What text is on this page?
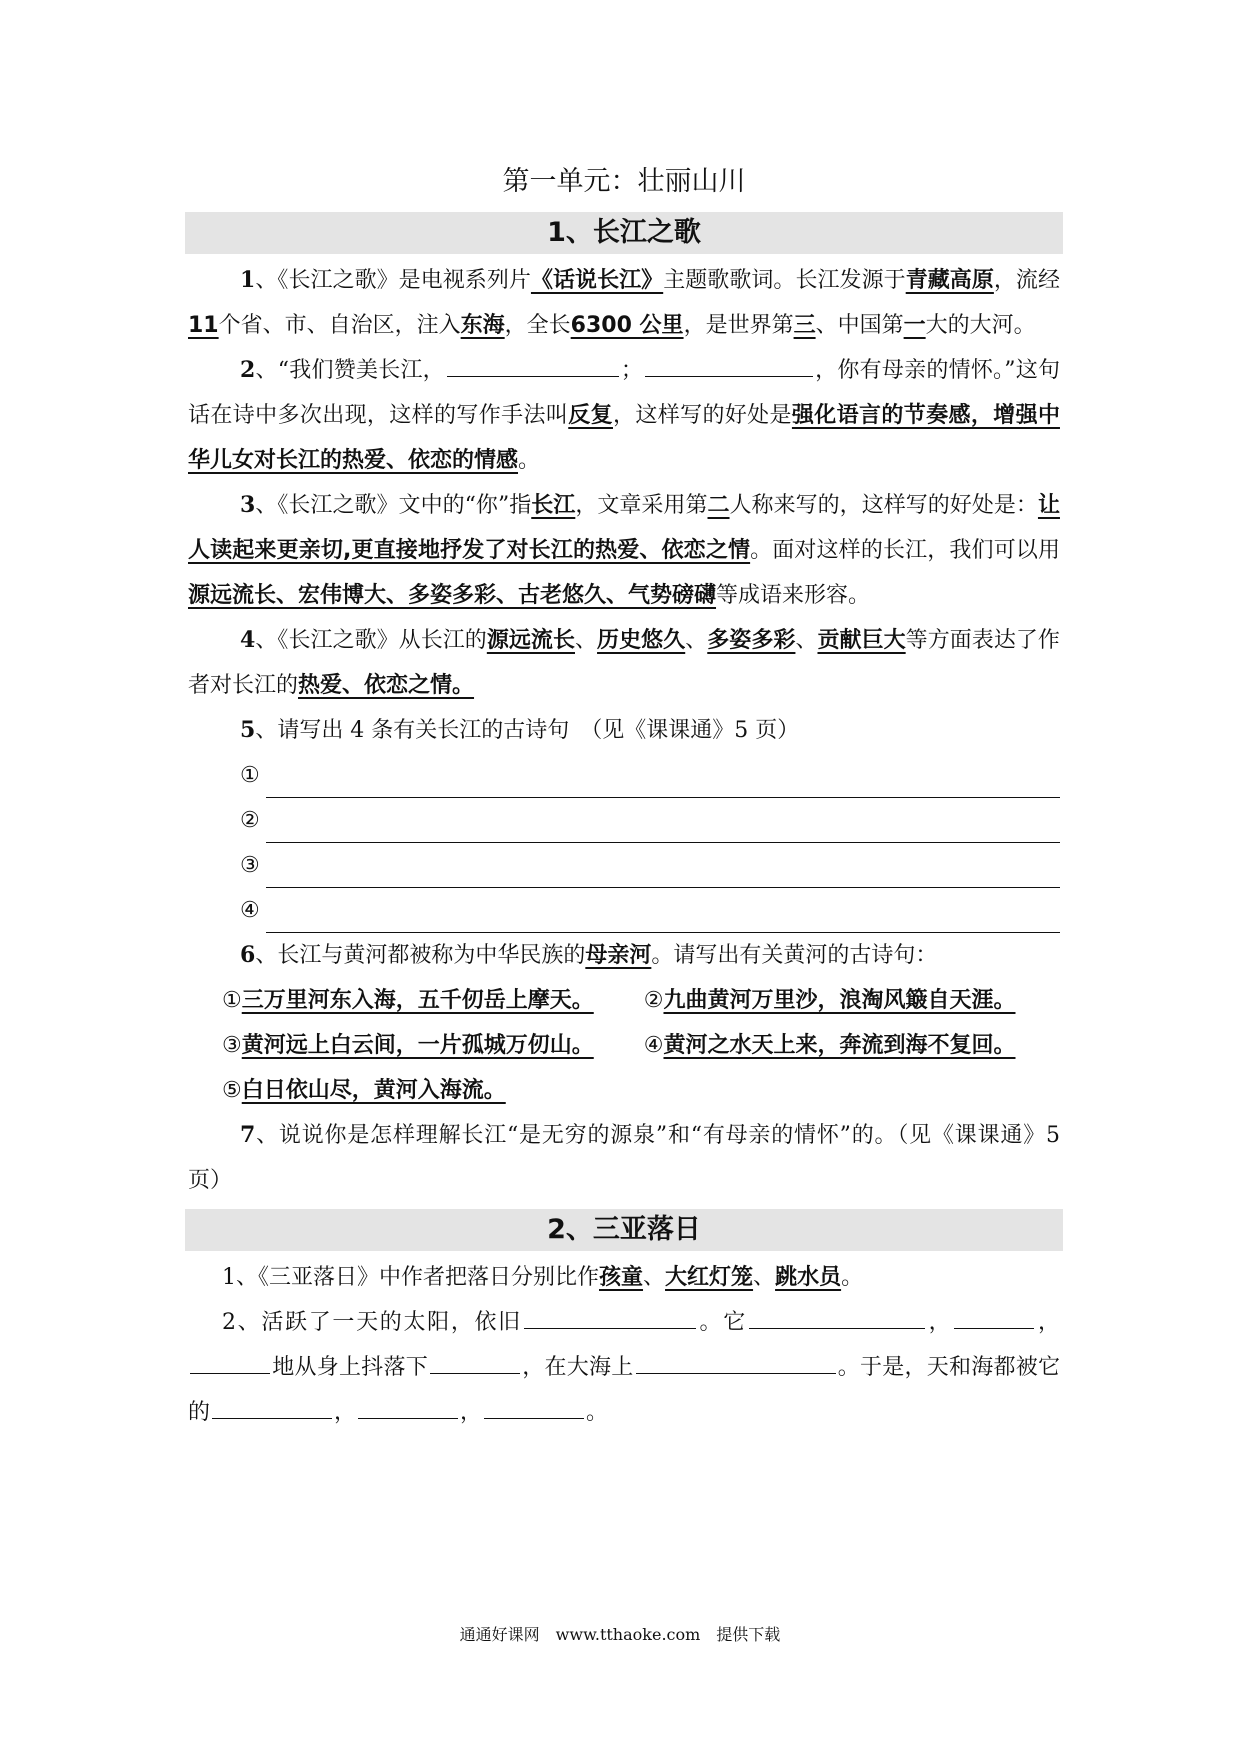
第一单元：壮丽山川
1、长江之歌

1、《长江之歌》是电视系列片《话说长江》主题歌歌词。长江发源于青藏高原，流经11个省、市、自治区，注入东海，全长6300 公里，是世界第三、中国第一大的大河。

2、“我们赞美长江，	；	，你有母亲的情怀。”这句话在诗中多次出现，这样的写作手法叫反复，这样写的好处是强化语言的节奏感，增强中华儿女对长江的热爱、依恋的情感。

3、《长江之歌》文中的“你”指长江，文章采用第二人称来写的，这样写的好处是：让人读起来更亲切,更直接地抒发了对长江的热爱、依恋之情。面对这样的长江，我们可以用源远流长、宏伟博大、多姿多彩、古老悠久、气势磅礴等成语来形容。

4、《长江之歌》从长江的源远流长、历史悠久、多姿多彩、贡献巨大等方面表达了作者对长江的热爱、依恋之情。

5、请写出 4 条有关长江的古诗句　（见《课课通》5 页）

①
②
③
④

6、长江与黄河都被称为中华民族的母亲河。请写出有关黄河的古诗句：

①三万里河东入海，五千仞岳上摩天。 ②九曲黄河万里沙，浪淘风簸自天涯。

③黄河远上白云间，一片孤城万仞山。 ④黄河之水天上来，奔流到海不复回。

⑤白日依山尽，黄河入海流。

7、说说你是怎样理解长江“是无穷的源泉”和“有母亲的情怀”的。（见《课课通》5 页）

2、三亚落日

1、《三亚落日》中作者把落日分别比作孩童、大红灯笼、跳水员。

2、活跃了一天的太阳，依旧	。它	，	，地从身上抖落下	，在大海上	。于是，天和海都被它的	，	，	。

通通好课网　www.tthaoke.com　提供下载
